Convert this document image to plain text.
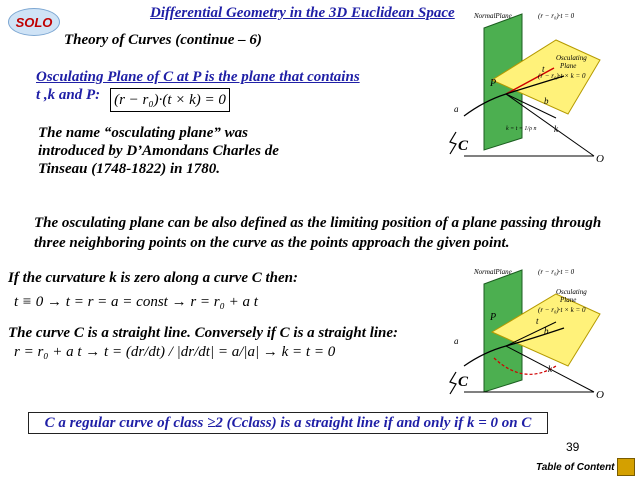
SOLO
Differential Geometry in the 3D Euclidean Space
Theory of Curves (continue – 6)
Osculating Plane of C at P is the plane that contains
t ,k and P: (r − r₀)·(t × k) = 0
The name “osculating plane” was introduced by D’Amondans Charles de Tinseau (1748-1822) in 1780.
The osculating plane can be also defined as the limiting position of a plane passing through three neighboring points on the curve as the points approach the given point.
If the curvature k is zero along a curve C then:
t ≡ 0 → t = r = a = const → r = r₀ + a t
The curve C is a straight line. Conversely if C is a straight line:
r = r₀ + a t → t = (dr/dt) / |dr/dt| = a/|a| → k = t = 0
C a regular curve of class ≥2 (Cclass) is a straight line if and only if k = 0 on C
39
Table of Content
NormalPlane	(r − r₀)·t = 0
Osculating
Plane
(r − r₀)·t × k = 0
t
P
b
a
k
k = t = 1/ρ n
C
O
NormalPlane	(r − r₀)·t = 0
Osculating
Plane
(r − r₀)·t × k = 0
t
P
b
a
k
C
O
